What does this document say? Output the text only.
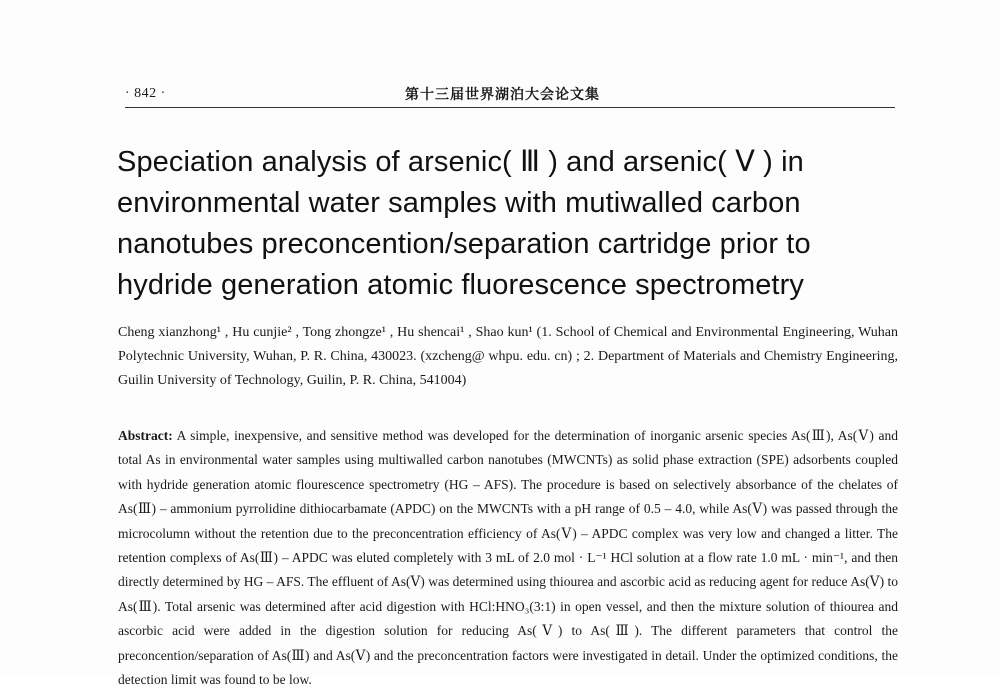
· 842 ·	第十三届世界湖泊大会论文集
Speciation analysis of arsenic( Ⅲ ) and arsenic( Ⅴ ) in environmental water samples with mutiwalled carbon nanotubes preconcention/separation cartridge prior to hydride generation atomic fluorescence spectrometry

Cheng xianzhong¹ , Hu cunjie² , Tong zhongze¹ , Hu shencai¹ , Shao kun¹ (1. School of Chemical and Environmental Engineering, Wuhan Polytechnic University, Wuhan, P. R. China, 430023. (xzcheng@ whpu. edu. cn) ; 2. Department of Materials and Chemistry Engineering, Guilin University of Technology, Guilin, P. R. China, 541004)

Abstract: A simple, inexpensive, and sensitive method was developed for the determination of inorganic arsenic species As(Ⅲ), As(Ⅴ) and total As in environmental water samples using multiwalled carbon nanotubes (MWCNTs) as solid phase extraction (SPE) adsorbents coupled with hydride generation atomic flourescence spectrometry (HG – AFS). The procedure is based on selectively absorbance of the chelates of As(Ⅲ) – ammonium pyrrolidine dithiocarbamate (APDC) on the MWCNTs with a pH range of 0.5 – 4.0, while As(Ⅴ) was passed through the microcolumn without the retention due to the preconcentration efficiency of As(Ⅴ) – APDC complex was very low and changed a litter. The retention complexs of As(Ⅲ) – APDC was eluted completely with 3 mL of 2.0 mol · L⁻¹ HCl solution at a flow rate 1.0 mL · min⁻¹, and then directly determined by HG – AFS. The effluent of As(Ⅴ) was determined using thiourea and ascorbic acid as reducing agent for reduce As(Ⅴ) to As(Ⅲ). Total arsenic was determined after acid digestion with HCl:HNO₃(3:1) in open vessel, and then the mixture solution of thiourea and ascorbic acid were added in the digestion solution for reducing As(Ⅴ) to As(Ⅲ). The different parameters that control the preconcention/separation of As(Ⅲ) and As(Ⅴ) and the preconcentration factors were investigated in detail. Under the optimized conditions, the detection limit was found to be low.
